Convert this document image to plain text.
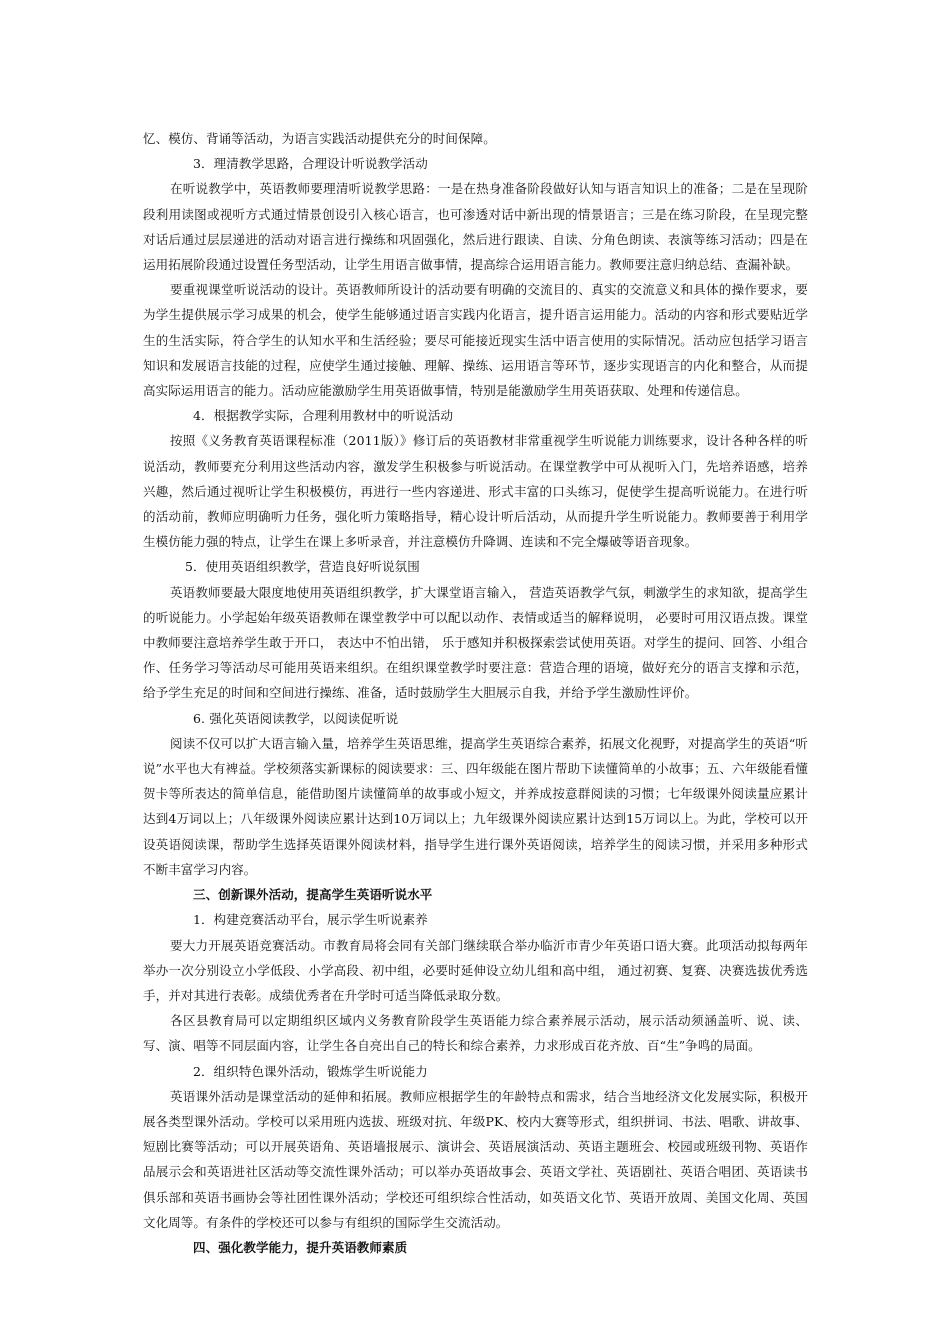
忆、模仿、背诵等活动，为语言实践活动提供充分的时间保障。

3．理清教学思路，合理设计听说教学活动

在听说教学中，英语教师要理清听说教学思路：一是在热身准备阶段做好认知与语言知识上的准备；二是在呈现阶段利用读图或视听方式通过情景创设引入核心语言，也可渗透对话中新出现的情景语言；三是在练习阶段，在呈现完整对话后通过层层递进的活动对语言进行操练和巩固强化，然后进行跟读、自读、分角色朗读、表演等练习活动；四是在运用拓展阶段通过设置任务型活动，让学生用语言做事情，提高综合运用语言能力。教师要注意归纳总结、查漏补缺。

要重视课堂听说活动的设计。英语教师所设计的活动要有明确的交流目的、真实的交流意义和具体的操作要求，要为学生提供展示学习成果的机会，使学生能够通过语言实践内化语言，提升语言运用能力。活动的内容和形式要贴近学生的生活实际，符合学生的认知水平和生活经验；要尽可能接近现实生活中语言使用的实际情况。活动应包括学习语言知识和发展语言技能的过程，应使学生通过接触、理解、操练、运用语言等环节，逐步实现语言的内化和整合，从而提高实际运用语言的能力。活动应能激励学生用英语做事情，特别是能激励学生用英语获取、处理和传递信息。

4．根据教学实际，合理利用教材中的听说活动

按照《义务教育英语课程标准（2011版）》修订后的英语教材非常重视学生听说能力训练要求，设计各种各样的听说活动，教师要充分利用这些活动内容，激发学生积极参与听说活动。在课堂教学中可从视听入门，先培养语感，培养兴趣，然后通过视听让学生积极模仿，再进行一些内容递进、形式丰富的口头练习，促使学生提高听说能力。在进行听的活动前，教师应明确听力任务，强化听力策略指导，精心设计听后活动，从而提升学生听说能力。教师要善于利用学生模仿能力强的特点，让学生在课上多听录音，并注意模仿升降调、连读和不完全爆破等语音现象。

5．使用英语组织教学，营造良好听说氛围

英语教师要最大限度地使用英语组织教学，扩大课堂语言输入， 营造英语教学气氛，刺激学生的求知欲，提高学生的听说能力。小学起始年级英语教师在课堂教学中可以配以动作、表情或适当的解释说明， 必要时可用汉语点拨。课堂中教师要注意培养学生敢于开口， 表达中不怕出错， 乐于感知并积极探索尝试使用英语。对学生的提问、回答、小组合作、任务学习等活动尽可能用英语来组织。在组织课堂教学时要注意：营造合理的语境，做好充分的语言支撑和示范，给予学生充足的时间和空间进行操练、准备，适时鼓励学生大胆展示自我，并给予学生激励性评价。

6. 强化英语阅读教学，以阅读促听说

阅读不仅可以扩大语言输入量，培养学生英语思维，提高学生英语综合素养，拓展文化视野，对提高学生的英语“听说”水平也大有裨益。学校须落实新课标的阅读要求：三、四年级能在图片帮助下读懂简单的小故事；五、六年级能看懂贺卡等所表达的简单信息，能借助图片读懂简单的故事或小短文，并养成按意群阅读的习惯；七年级课外阅读量应累计达到4万词以上；八年级课外阅读应累计达到10万词以上；九年级课外阅读应累计达到15万词以上。为此，学校可以开设英语阅读课，帮助学生选择英语课外阅读材料，指导学生进行课外英语阅读，培养学生的阅读习惯，并采用多种形式不断丰富学习内容。

三、创新课外活动，提高学生英语听说水平

1．构建竞赛活动平台，展示学生听说素养

要大力开展英语竞赛活动。市教育局将会同有关部门继续联合举办临沂市青少年英语口语大赛。此项活动拟每两年举办一次分别设立小学低段、小学高段、初中组，必要时延伸设立幼儿组和高中组， 通过初赛、复赛、决赛选拔优秀选手，并对其进行表彰。成绩优秀者在升学时可适当降低录取分数。

各区县教育局可以定期组织区域内义务教育阶段学生英语能力综合素养展示活动，展示活动须涵盖听、说、读、写、演、唱等不同层面内容，让学生各自亮出自己的特长和综合素养，力求形成百花齐放、百“生”争鸣的局面。

2．组织特色课外活动，锻炼学生听说能力

英语课外活动是课堂活动的延伸和拓展。教师应根据学生的年龄特点和需求，结合当地经济文化发展实际，积极开展各类型课外活动。学校可以采用班内选拔、班级对抗、年级PK、校内大赛等形式，组织拼词、书法、唱歌、讲故事、短剧比赛等活动；可以开展英语角、英语墙报展示、演讲会、英语展演活动、英语主题班会、校园或班级刊物、英语作品展示会和英语进社区活动等交流性课外活动；可以举办英语故事会、英语文学社、英语剧社、英语合唱团、英语读书俱乐部和英语书画协会等社团性课外活动；学校还可组织综合性活动，如英语文化节、英语开放周、美国文化周、英国文化周等。有条件的学校还可以参与有组织的国际学生交流活动。

四、强化教学能力，提升英语教师素质
